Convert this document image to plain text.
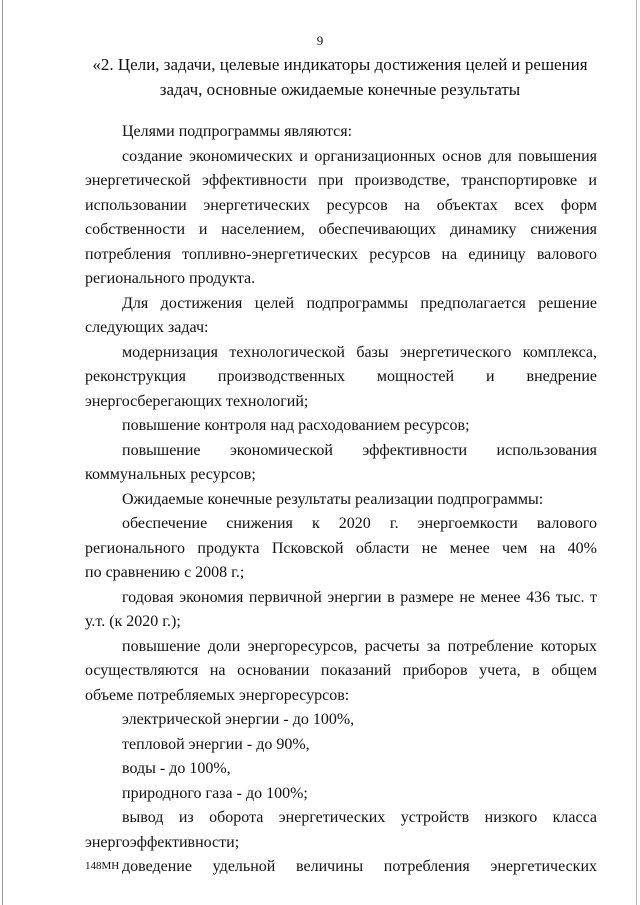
9
«2. Цели, задачи, целевые индикаторы достижения целей и решения
задач, основные ожидаемые конечные результаты
Целями подпрограммы являются:
создание экономических и организационных основ для повышения
энергетической эффективности при производстве, транспортировке и
использовании энергетических ресурсов на объектах всех форм
собственности и населением, обеспечивающих динамику снижения
потребления топливно-энергетических ресурсов на единицу валового
регионального продукта.
Для достижения целей подпрограммы предполагается решение
следующих задач:
модернизация технологической базы энергетического комплекса,
реконструкция производственных мощностей и внедрение
энергосберегающих технологий;
повышение контроля над расходованием ресурсов;
повышение экономической эффективности использования
коммунальных ресурсов;
Ожидаемые конечные результаты реализации подпрограммы:
обеспечение снижения к 2020 г. энергоемкости валового
регионального продукта Псковской области не менее чем на 40%
по сравнению с 2008 г.;
годовая экономия первичной энергии в размере не менее 436 тыс. т
у.т. (к 2020 г.);
повышение доли энергоресурсов, расчеты за потребление которых
осуществляются на основании показаний приборов учета, в общем
объеме потребляемых энергоресурсов:
электрической энергии - до 100%,
тепловой энергии - до 90%,
воды - до 100%,
природного газа - до 100%;
вывод из оборота энергетических устройств низкого класса
энергоэффективности;
доведение удельной величины потребления энергетических
148МН
